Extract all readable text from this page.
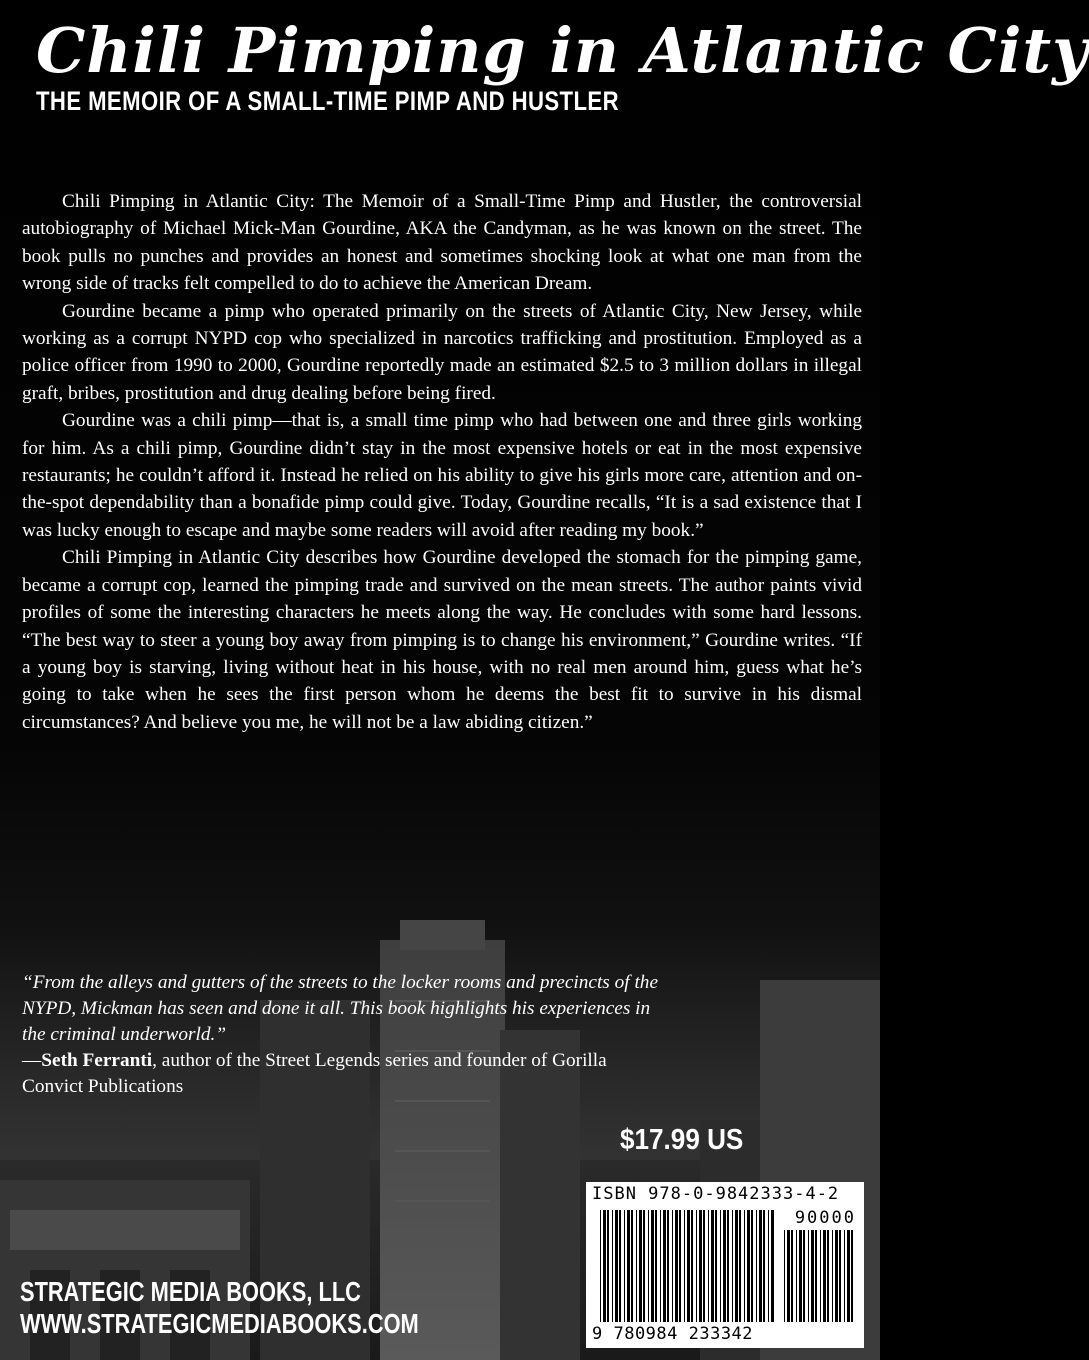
Chili Pimping in Atlantic City
THE MEMOIR OF A SMALL-TIME PIMP AND HUSTLER

Chili Pimping in Atlantic City: The Memoir of a Small-Time Pimp and Hustler, the controversial autobiography of Michael Mick-Man Gourdine, AKA the Candyman, as he was known on the street. The book pulls no punches and provides an honest and sometimes shocking look at what one man from the wrong side of tracks felt compelled to do to achieve the American Dream.

Gourdine became a pimp who operated primarily on the streets of Atlantic City, New Jersey, while working as a corrupt NYPD cop who specialized in narcotics trafficking and prostitution. Employed as a police officer from 1990 to 2000, Gourdine reportedly made an estimated $2.5 to 3 million dollars in illegal graft, bribes, prostitution and drug dealing before being fired.

Gourdine was a chili pimp—that is, a small time pimp who had between one and three girls working for him. As a chili pimp, Gourdine didn’t stay in the most expensive hotels or eat in the most expensive restaurants; he couldn’t afford it. Instead he relied on his ability to give his girls more care, attention and on-the-spot dependability than a bonafide pimp could give. Today, Gourdine recalls, “It is a sad existence that I was lucky enough to escape and maybe some readers will avoid after reading my book.”

Chili Pimping in Atlantic City describes how Gourdine developed the stomach for the pimping game, became a corrupt cop, learned the pimping trade and survived on the mean streets. The author paints vivid profiles of some the interesting characters he meets along the way. He concludes with some hard lessons. “The best way to steer a young boy away from pimping is to change his environment,” Gourdine writes. “If a young boy is starving, living without heat in his house, with no real men around him, guess what he’s going to take when he sees the first person whom he deems the best fit to survive in his dismal circumstances? And believe you me, he will not be a law abiding citizen.”

“From the alleys and gutters of the streets to the locker rooms and precincts of the NYPD, Mickman has seen and done it all. This book highlights his experiences in the criminal underworld.”

—Seth Ferranti, author of the Street Legends series and founder of Gorilla Convict Publications

$17.99 US
ISBN 978-0-9842333-4-2
90000
9 780984 233342
STRATEGIC MEDIA BOOKS, LLC
WWW.STRATEGICMEDIABOOKS.COM
